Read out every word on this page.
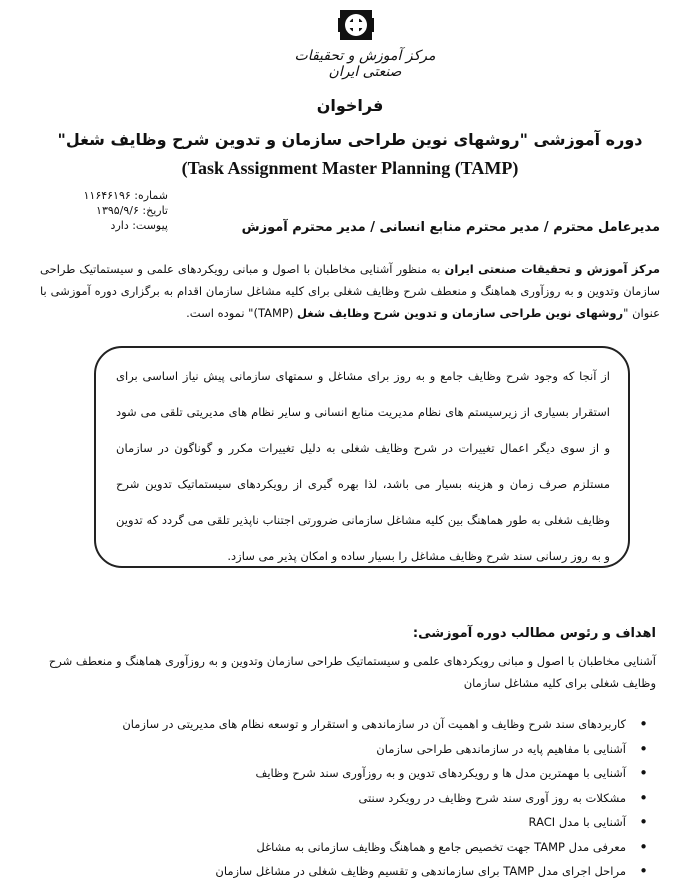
مرکز آموزش و تحقیقات صنعتی ایران
فراخوان
دوره آموزشی "روشهای نوین طراحی سازمان و تدوین شرح وظایف شغل"
(Task Assignment Master Planning (TAMP)
شماره: ۱۱۶۴۶۱۹۶
تاریخ: ۱۳۹۵/۹/۶
پیوست: دارد	مدیرعامل محترم / مدیر محترم منابع انسانی / مدیر محترم آموزش
مرکز آموزش و تحقیقات صنعتی ایران به منظور آشنایی مخاطبان با اصول و مبانی رویکردهای علمی و سیستماتیک طراحی سازمان وتدوین و به روزآوری هماهنگ و منعطف شرح وظایف شغلی برای کلیه مشاغل سازمان اقدام به برگزاری دوره آموزشی با عنوان "روشهای نوین طراحی سازمان و تدوین شرح وظایف شغل (TAMP)" نموده است.
از آنجا که وجود شرح وظایف جامع و به روز برای مشاغل و سمتهای سازمانی پیش نیاز اساسی برای استقرار بسیاری از زیرسیستم های نظام مدیریت منابع انسانی و سایر نظام های مدیریتی تلقی می شود و از سوی دیگر اعمال تغییرات در شرح وظایف شغلی به دلیل تغییرات مکرر و گوناگون در سازمان مستلزم صرف زمان و هزینه بسیار می باشد، لذا بهره گیری از رویکردهای سیستماتیک تدوین شرح وظایف شغلی به طور هماهنگ بین کلیه مشاغل سازمانی ضرورتی اجتناب ناپذیر تلقی می گردد که تدوین و به روز رسانی سند شرح وظایف مشاغل را بسیار ساده و امکان پذیر می سازد.
اهداف و رئوس مطالب دوره آموزشی:
آشنایی مخاطبان با اصول و مبانی رویکردهای علمی و سیستماتیک طراحی سازمان وتدوین و به روزآوری هماهنگ و منعطف شرح وظایف شغلی برای کلیه مشاغل سازمان
• کاربردهای سند شرح وظایف و اهمیت آن در سازماندهی و استقرار و توسعه نظام های مدیریتی در سازمان
• آشنایی با مفاهیم پایه در سازماندهی طراحی سازمان
• آشنایی با مهمترین مدل ها و رویکردهای تدوین و به روزآوری سند شرح وظایف
• مشکلات به روز آوری سند شرح وظایف در رویکرد سنتی
• آشنایی با مدل RACI
• معرفی مدل TAMP جهت تخصیص جامع و هماهنگ وظایف سازمانی به مشاغل
• مراحل اجرای مدل TAMP برای سازماندهی و تقسیم وظایف شغلی در مشاغل سازمان
